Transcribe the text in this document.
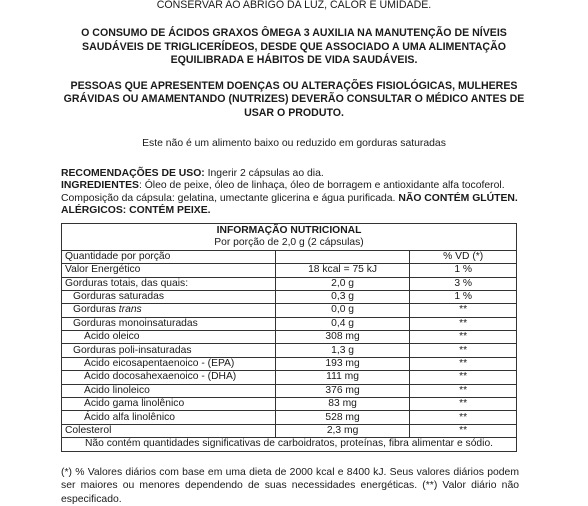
CONSERVAR AO ABRIGO DA LUZ, CALOR E UMIDADE.
O CONSUMO DE ÁCIDOS GRAXOS ÔMEGA 3 AUXILIA NA MANUTENÇÃO DE NÍVEIS SAUDÁVEIS DE TRIGLICERÍDEOS, DESDE QUE ASSOCIADO A UMA ALIMENTAÇÃO EQUILIBRADA E HÁBITOS DE VIDA SAUDÁVEIS.
PESSOAS QUE APRESENTEM DOENÇAS OU ALTERAÇÕES FISIOLÓGICAS, MULHERES GRÁVIDAS OU AMAMENTANDO (NUTRIZES) DEVERÃO CONSULTAR O MÉDICO ANTES DE USAR O PRODUTO.
Este não é um alimento baixo ou reduzido em gorduras saturadas
RECOMENDAÇÕES DE USO: Ingerir 2 cápsulas ao dia.
INGREDIENTES: Óleo de peixe, óleo de linhaça, óleo de borragem e antioxidante alfa tocoferol.
Composição da cápsula: gelatina, umectante glicerina e água purificada. NÃO CONTÉM GLÚTEN.
ALÉRGICOS: CONTÉM PEIXE.
INFORMAÇÃO NUTRICIONAL		
Por porção de 2,0 g (2 cápsulas)		
Quantidade por porção		% VD (*)
Valor Energético	18 kcal = 75 kJ	1 %
Gorduras totais, das quais:	2,0 g	3 %
Gorduras saturadas	0,3 g	1 %
Gorduras trans	0,0 g	**
Gorduras monoinsaturadas	0,4 g	**
Ácido oleico	308 mg	**
Gorduras poli-insaturadas	1,3 g	**
Ácido eicosapentaenoico - (EPA)	193 mg	**
Ácido docosahexaenoico - (DHA)	111 mg	**
Ácido linoleico	376 mg	**
Ácido gama linolênico	83 mg	**
Ácido alfa linolênico	528 mg	**
Colesterol	2,3 mg	**
Não contém quantidades significativas de carboidratos, proteínas, fibra alimentar e sódio.		
(*) % Valores diários com base em uma dieta de 2000 kcal e 8400 kJ. Seus valores diários podem ser maiores ou menores dependendo de suas necessidades energéticas. (**) Valor diário não especificado.
